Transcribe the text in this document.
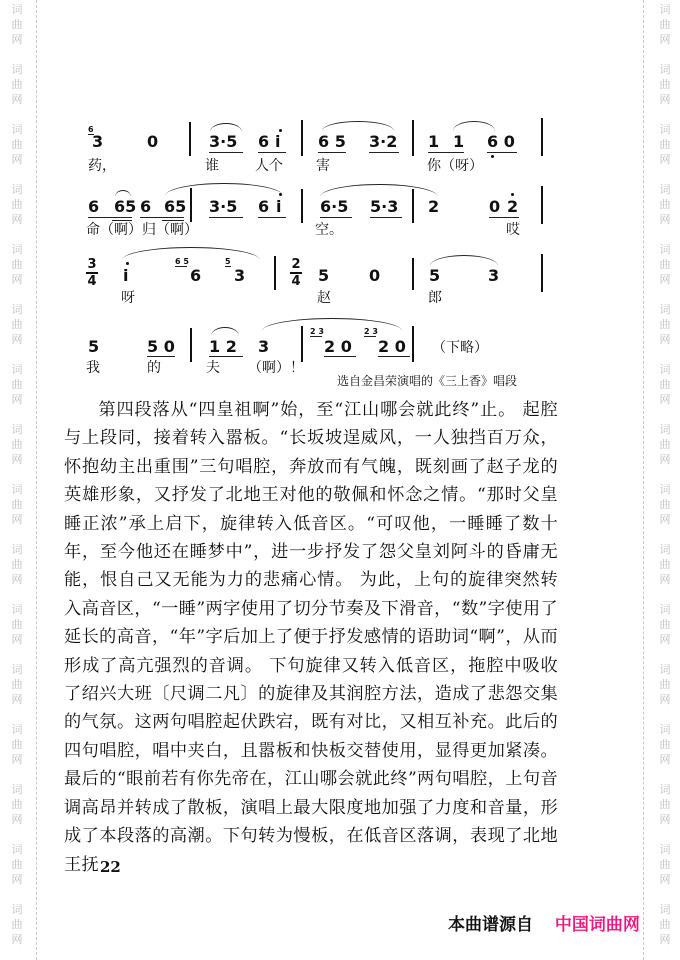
词
曲
网
词
曲
网
词
曲
网
词
曲
网
词
曲
网
词
曲
网
词
曲
网
词
曲
网
词
曲
网
词
曲
网
词
曲
网
词
曲
网
词
曲
网
词
曲
网
词
曲
网
词
曲
网
词
曲
网
词
曲
网
词
曲
网
词
曲
网
词
曲
网
词
曲
网
词
曲
网
词
曲
网
词
曲
网
词
曲
网
词
曲
网
词
曲
网
词
曲
网
词
曲
网
词
曲
网
词
曲
网
6
3	0	3·5 6 i 6 5 3·2 1 1 6 0
药，	谁	人个 害	你（呀）
6 65 6 65 3·5 6 i 6·5 5·3 2	0 2
命（啊）归（啊）	空。	哎
3
4 i
6 5
6
5
3
2
4 5 0	5	3
呀	赵	郎
5	5 0 1 2 3
2 3
2 0
2 3
2 0 （下略）
我	的	夫 （啊）！
选自金昌荣演唱的《三上香》唱段

第四段落从“四皇祖啊”始，至“江山哪会就此终”止。 起腔与上段同，接着转入嚣板。“长坂坡逞威风，一人独挡百万众，怀抱幼主出重围”三句唱腔，奔放而有气魄，既刻画了赵子龙的英雄形象，又抒发了北地王对他的敬佩和怀念之情。“那时父皇睡正浓”承上启下，旋律转入低音区。“可叹他，一睡睡了数十年，至今他还在睡梦中”，进一步抒发了怨父皇刘阿斗的昏庸无能，恨自己又无能为力的悲痛心情。 为此，上句的旋律突然转入高音区，“一睡”两字使用了切分节奏及下滑音，“数”字使用了延长的高音，“年”字后加上了便于抒发感情的语助词“啊”，从而形成了高亢强烈的音调。 下句旋律又转入低音区，拖腔中吸收了绍兴大班〔尺调二凡〕的旋律及其润腔方法，造成了悲怨交集的气氛。这两句唱腔起伏跌宕，既有对比，又相互补充。此后的四句唱腔，唱中夹白，且嚣板和快板交替使用，显得更加紧凑。 最后的“眼前若有你先帝在，江山哪会就此终”两句唱腔，上句音调高昂并转成了散板，演唱上最大限度地加强了力度和音量，形成了本段落的高潮。下句转为慢板，在低音区落调，表现了北地王抚 22
本曲谱源自 中国词曲网
